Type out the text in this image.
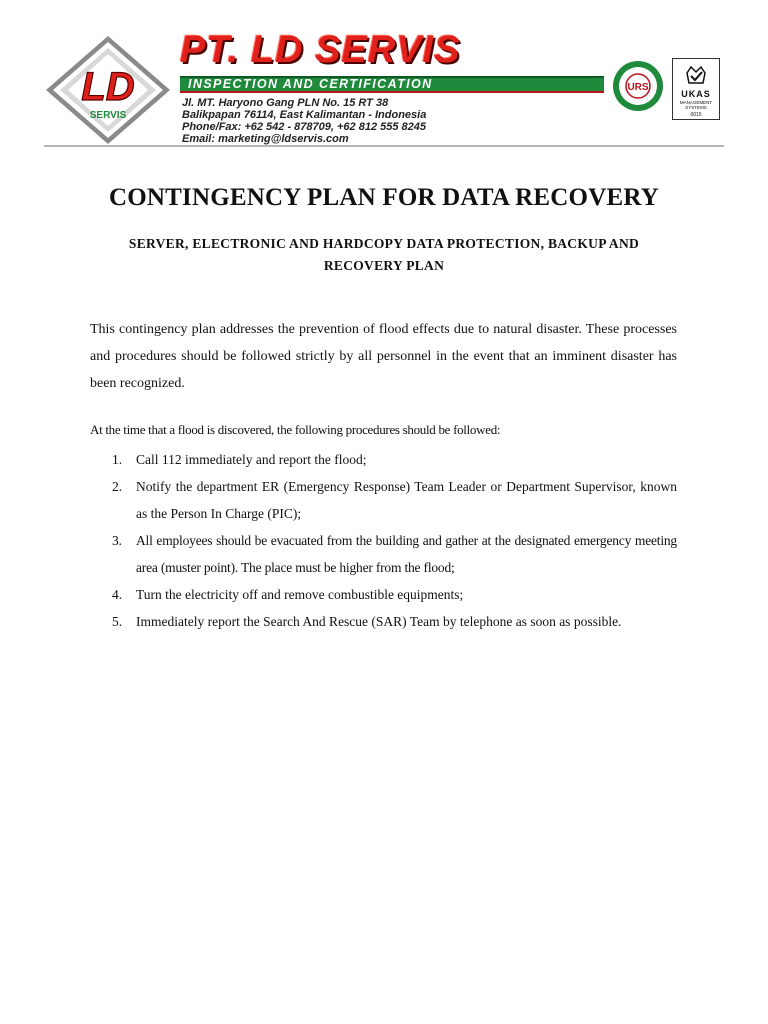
LD
SERVIS
PT. LD SERVIS
INSPECTION AND CERTIFICATION
Jl. MT. Haryono Gang PLN No. 15 RT 38
Balikpapan 76114, East Kalimantan - Indonesia
Phone/Fax: +62 542 - 878709, +62 812 555 8245
Email: marketing@ldservis.com
URS
UKAS
MANAGEMENT SYSTEMS
0015
CONTINGENCY PLAN FOR DATA RECOVERY
SERVER, ELECTRONIC AND HARDCOPY DATA PROTECTION, BACKUP AND
RECOVERY PLAN

This contingency plan addresses the prevention of flood effects due to natural disaster. These processes and procedures should be followed strictly by all personnel in the event that an imminent disaster has been recognized.

At the time that a flood is discovered, the following procedures should be followed:

1. Call 112 immediately and report the flood;
2. Notify the department ER (Emergency Response) Team Leader or Department Supervisor, known as the Person In Charge (PIC);
3. All employees should be evacuated from the building and gather at the designated emergency meeting area (muster point). The place must be higher from the flood;
4. Turn the electricity off and remove combustible equipments;
5. Immediately report the Search And Rescue (SAR) Team by telephone as soon as possible.
